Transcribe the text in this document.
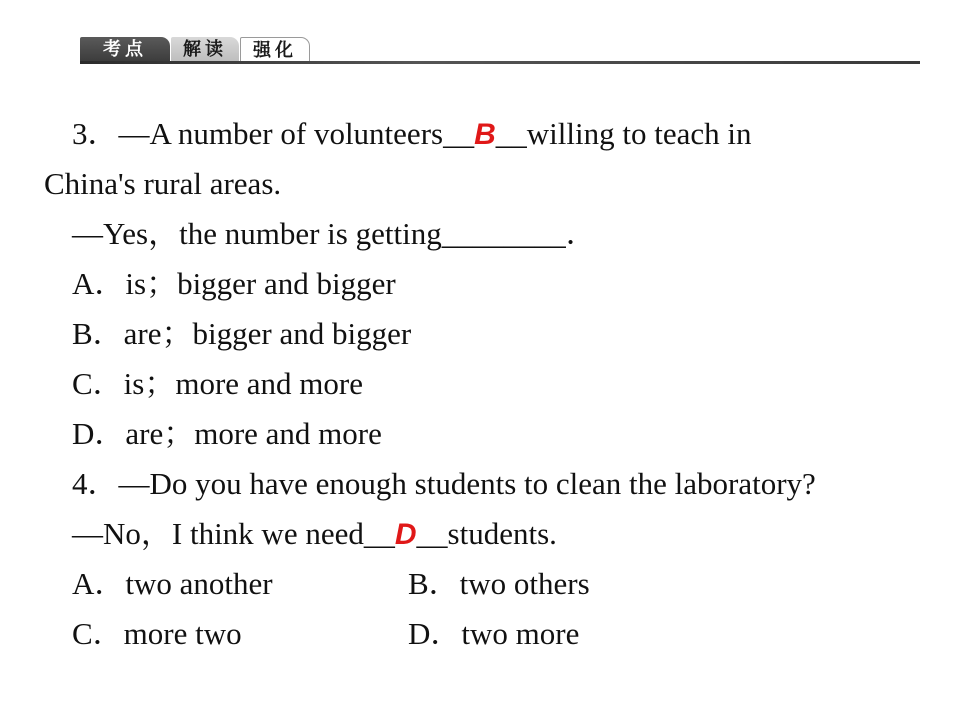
考点	解读	强化
3．—A number of volunteers__B__willing to teach in
China's rural areas.
—Yes，the number is getting________．
A．is；bigger and bigger
B．are；bigger and bigger
C．is；more and more
D．are；more and more
4．—Do you have enough students to clean the laboratory?
—No，I think we need__D__students.
A．two another	B．two others
C．more two	D．two more
